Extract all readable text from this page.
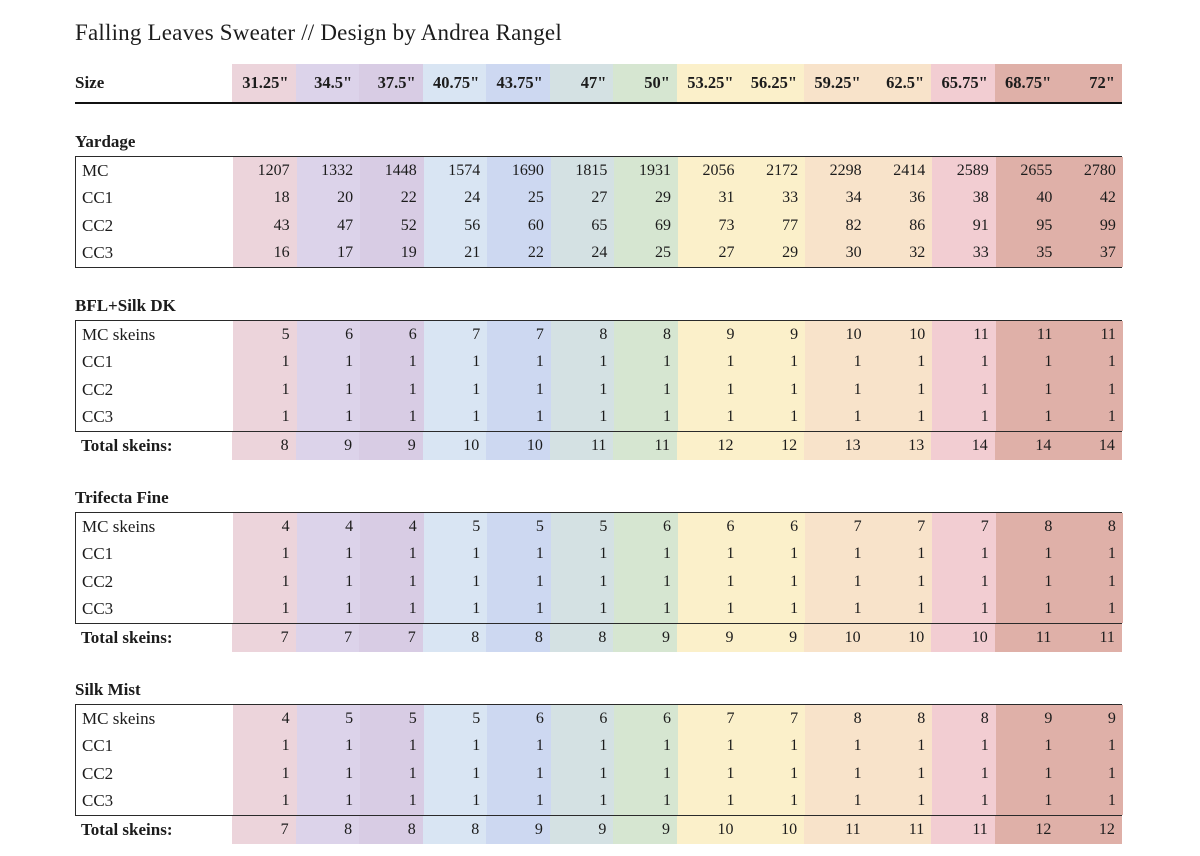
Falling Leaves Sweater // Design by Andrea Rangel
Size	31.25"	34.5"	37.5"	40.75"	43.75"	47"	50"	53.25"	56.25"	59.25"	62.5"	65.75"	68.75"	72"
Yardage
MC	1207	1332	1448	1574	1690	1815	1931	2056	2172	2298	2414	2589	2655	2780
CC1	18	20	22	24	25	27	29	31	33	34	36	38	40	42
CC2	43	47	52	56	60	65	69	73	77	82	86	91	95	99
CC3	16	17	19	21	22	24	25	27	29	30	32	33	35	37
BFL+Silk DK
MC skeins	5	6	6	7	7	8	8	9	9	10	10	11	11	11
CC1	1	1	1	1	1	1	1	1	1	1	1	1	1	1
CC2	1	1	1	1	1	1	1	1	1	1	1	1	1	1
CC3	1	1	1	1	1	1	1	1	1	1	1	1	1	1
Total skeins:	8	9	9	10	10	11	11	12	12	13	13	14	14	14
Trifecta Fine
MC skeins	4	4	4	5	5	5	6	6	6	7	7	7	8	8
CC1	1	1	1	1	1	1	1	1	1	1	1	1	1	1
CC2	1	1	1	1	1	1	1	1	1	1	1	1	1	1
CC3	1	1	1	1	1	1	1	1	1	1	1	1	1	1
Total skeins:	7	7	7	8	8	8	9	9	9	10	10	10	11	11
Silk Mist
MC skeins	4	5	5	5	6	6	6	7	7	8	8	8	9	9
CC1	1	1	1	1	1	1	1	1	1	1	1	1	1	1
CC2	1	1	1	1	1	1	1	1	1	1	1	1	1	1
CC3	1	1	1	1	1	1	1	1	1	1	1	1	1	1
Total skeins:	7	8	8	8	9	9	9	10	10	11	11	11	12	12
